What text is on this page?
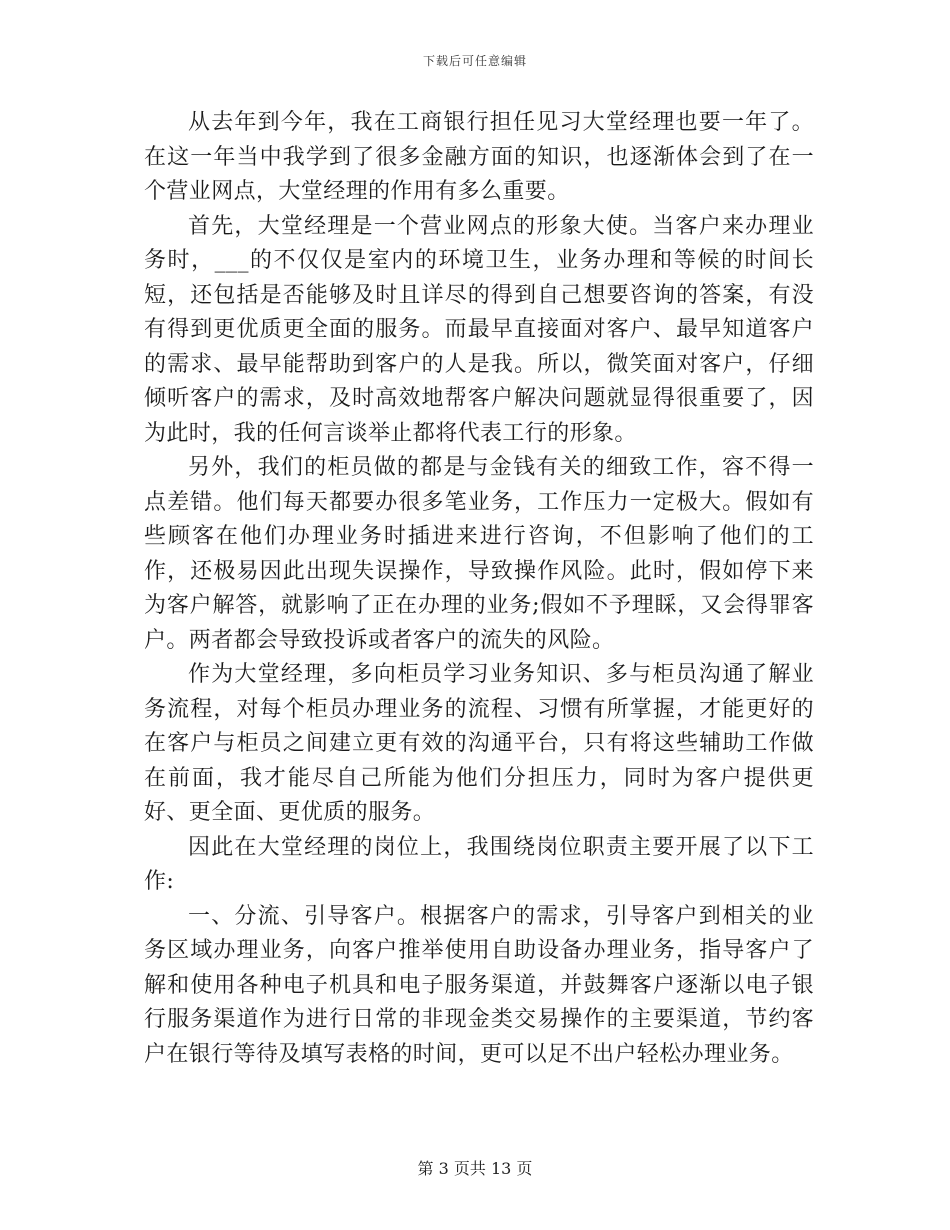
下载后可任意编辑

从去年到今年，我在工商银行担任见习大堂经理也要一年了。在这一年当中我学到了很多金融方面的知识，也逐渐体会到了在一个营业网点，大堂经理的作用有多么重要。

首先，大堂经理是一个营业网点的形象大使。当客户来办理业务时，___的不仅仅是室内的环境卫生，业务办理和等候的时间长短，还包括是否能够及时且详尽的得到自己想要咨询的答案，有没有得到更优质更全面的服务。而最早直接面对客户、最早知道客户的需求、最早能帮助到客户的人是我。所以，微笑面对客户，仔细倾听客户的需求，及时高效地帮客户解决问题就显得很重要了，因为此时，我的任何言谈举止都将代表工行的形象。

另外，我们的柜员做的都是与金钱有关的细致工作，容不得一点差错。他们每天都要办很多笔业务，工作压力一定极大。假如有些顾客在他们办理业务时插进来进行咨询，不但影响了他们的工作，还极易因此出现失误操作，导致操作风险。此时，假如停下来为客户解答，就影响了正在办理的业务;假如不予理睬，又会得罪客户。两者都会导致投诉或者客户的流失的风险。

作为大堂经理，多向柜员学习业务知识、多与柜员沟通了解业务流程，对每个柜员办理业务的流程、习惯有所掌握，才能更好的在客户与柜员之间建立更有效的沟通平台，只有将这些辅助工作做在前面，我才能尽自己所能为他们分担压力，同时为客户提供更好、更全面、更优质的服务。

因此在大堂经理的岗位上，我围绕岗位职责主要开展了以下工作:

一、分流、引导客户。根据客户的需求，引导客户到相关的业务区域办理业务，向客户推举使用自助设备办理业务，指导客户了解和使用各种电子机具和电子服务渠道，并鼓舞客户逐渐以电子银行服务渠道作为进行日常的非现金类交易操作的主要渠道，节约客户在银行等待及填写表格的时间，更可以足不出户轻松办理业务。

第 3 页共 13 页
